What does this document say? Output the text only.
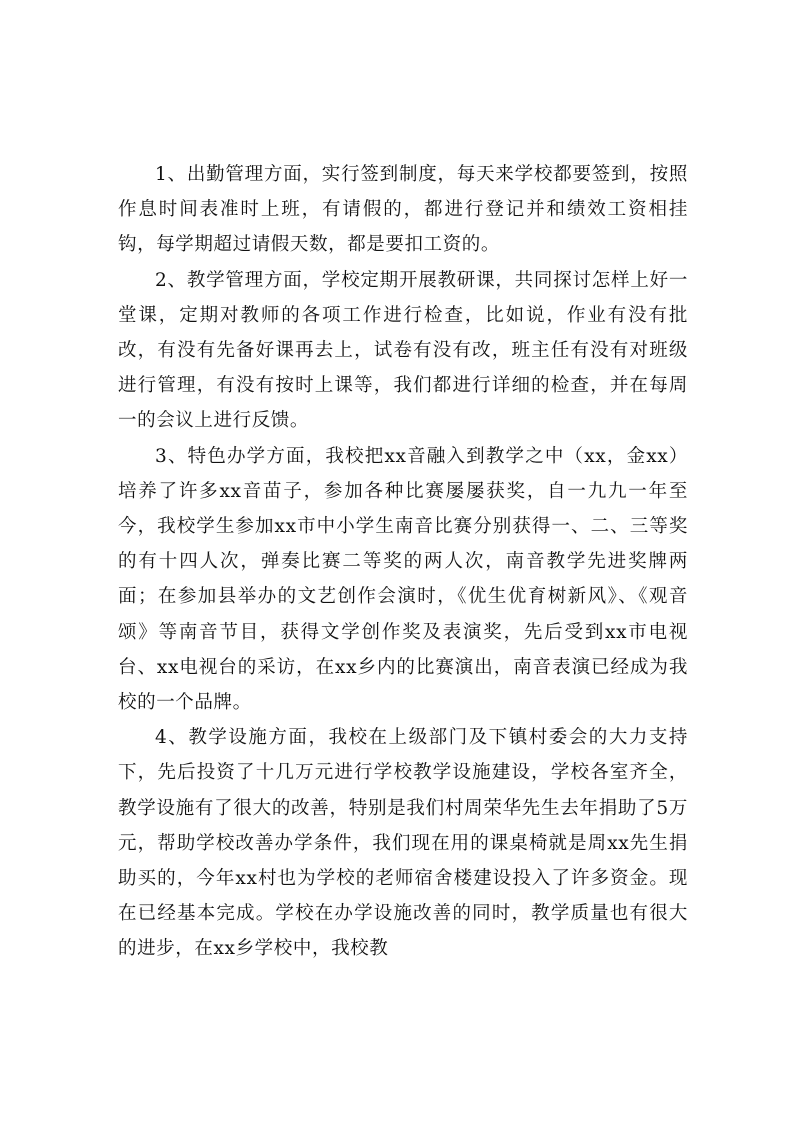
1、出勤管理方面，实行签到制度，每天来学校都要签到，按照作息时间表准时上班，有请假的，都进行登记并和绩效工资相挂钩，每学期超过请假天数，都是要扣工资的。

2、教学管理方面，学校定期开展教研课，共同探讨怎样上好一堂课，定期对教师的各项工作进行检查，比如说，作业有没有批改，有没有先备好课再去上，试卷有没有改，班主任有没有对班级进行管理，有没有按时上课等，我们都进行详细的检查，并在每周一的会议上进行反馈。

3、特色办学方面，我校把xx音融入到教学之中（xx，金xx）培养了许多xx音苗子，参加各种比赛屡屡获奖，自一九九一年至今，我校学生参加xx市中小学生南音比赛分别获得一、二、三等奖的有十四人次，弹奏比赛二等奖的两人次，南音教学先进奖牌两面；在参加县举办的文艺创作会演时，《优生优育树新风》、《观音颂》等南音节目，获得文学创作奖及表演奖，先后受到xx市电视台、xx电视台的采访，在xx乡内的比赛演出，南音表演已经成为我校的一个品牌。

4、教学设施方面，我校在上级部门及下镇村委会的大力支持下，先后投资了十几万元进行学校教学设施建设，学校各室齐全，教学设施有了很大的改善，特别是我们村周荣华先生去年捐助了5万元，帮助学校改善办学条件，我们现在用的课桌椅就是周xx先生捐助买的，今年xx村也为学校的老师宿舍楼建设投入了许多资金。现在已经基本完成。学校在办学设施改善的同时，教学质量也有很大的进步，在xx乡学校中，我校教
